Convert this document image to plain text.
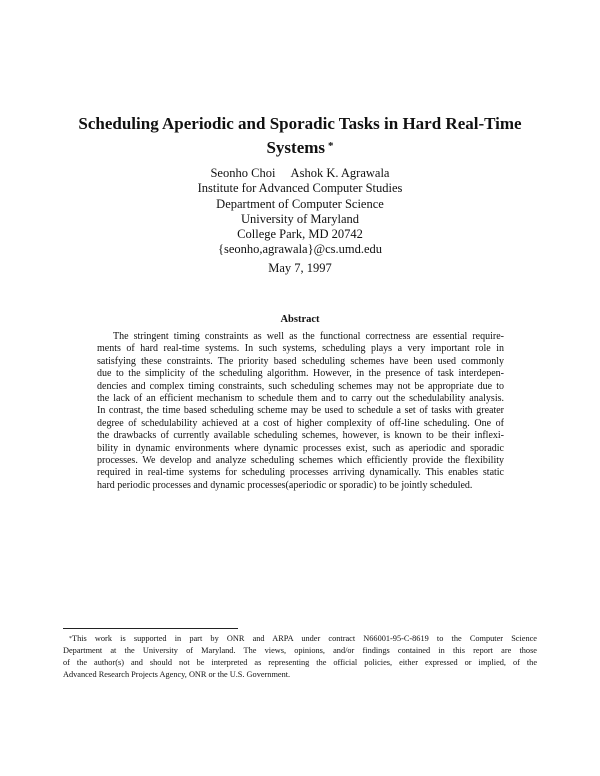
Scheduling Aperiodic and Sporadic Tasks in Hard Real-Time
Systems *
Seonho Choi Ashok K. Agrawala
Institute for Advanced Computer Studies
Department of Computer Science
University of Maryland
College Park, MD 20742
{seonho,agrawala}@cs.umd.edu
May 7, 1997
Abstract
The stringent timing constraints as well as the functional correctness are essential require-
ments of hard real-time systems. In such systems, scheduling plays a very important role in
satisfying these constraints. The priority based scheduling schemes have been used commonly
due to the simplicity of the scheduling algorithm. However, in the presence of task interdepen-
dencies and complex timing constraints, such scheduling schemes may not be appropriate due to
the lack of an efficient mechanism to schedule them and to carry out the schedulability analysis.
In contrast, the time based scheduling scheme may be used to schedule a set of tasks with greater
degree of schedulability achieved at a cost of higher complexity of off-line scheduling. One of
the drawbacks of currently available scheduling schemes, however, is known to be their inflexi-
bility in dynamic environments where dynamic processes exist, such as aperiodic and sporadic
processes. We develop and analyze scheduling schemes which efficiently provide the flexibility
required in real-time systems for scheduling processes arriving dynamically. This enables static
hard periodic processes and dynamic processes(aperiodic or sporadic) to be jointly scheduled.
*This work is supported in part by ONR and ARPA under contract N66001-95-C-8619 to the Computer Science
Department at the University of Maryland. The views, opinions, and/or findings contained in this report are those
of the author(s) and should not be interpreted as representing the official policies, either expressed or implied, of the
Advanced Research Projects Agency, ONR or the U.S. Government.
